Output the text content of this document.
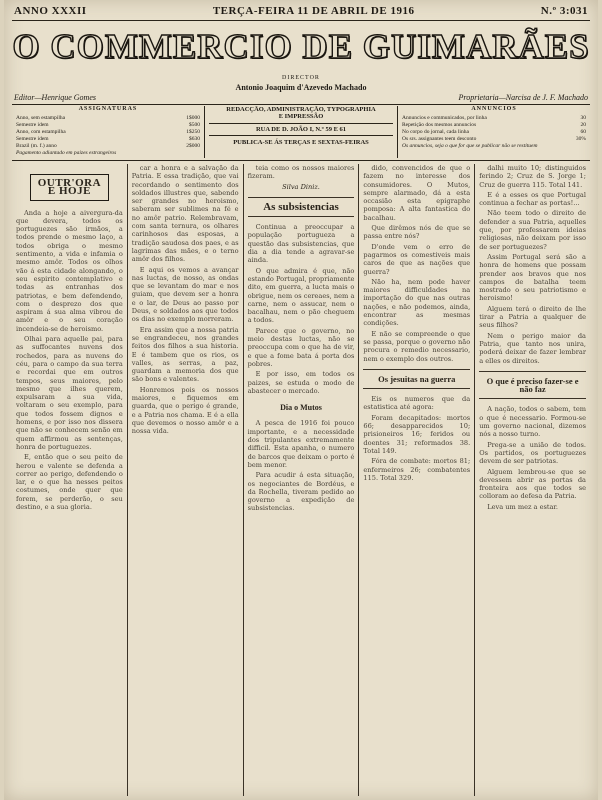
ANNO XXXII	TERÇA-FEIRA 11 DE ABRIL DE 1916	N.º 3:031
O COMMERCIO DE GUIMARÃES
DIRECTOR
Antonio Joaquim d'Azevedo Machado
Editor—Henrique Gomes	Proprietaria—Narcisa de J. F. Machado
ASSIGNATURAS
Anno, sem estampilha	1$000
Semestre idem	$500
Anno, com estampilha	1$250
Semestre idem	$630
Brazil (m. f.) anno	2$000
Pagamento adiantado em paizes estrangeiros
REDACÇÃO, ADMINISTRAÇÃO, TYPOGRAPHIA
E IMPRESSÃO
RUA DE D. JOÃO I, N.º 59 E 61
PUBLICA-SE ÁS TERÇAS E SEXTAS-FEIRAS
ANNUNCIOS
Annuncios e communicados, por linha	30
Repetição dos mesmos annuncios	20
No corpo do jornal, cada linha	60
Os srs. assignantes teem desconto	30%
Os annuncios, seja o que for que se publicar não se restituem
OUTR'ORA E HOJE

Anda a hoje a aivergura-da que devera, todos os portuguezes são irmãos, a todos prende o mesmo laço, a todos obriga o mesmo sentimento, a vida e infamia o mesmo amôr. Todos os olhos vão á esta cidade alongando, o seu espirito contemplativo e todas as entranhas dos patriotas, e bem defendendo, com o desprezo dos que aspiram á sua alma vibrou de amôr e o seu coração incendeia-se de heroismo.

Olhai para aquelle pai, para as suffocantes nuvens dos rochedos, para as nuvens do céu, para o campo da sua terra e recordai que em outros tempos, seus maiores, pelo mesmo que ilhes querem, expulsaram a sua vida, voltaram o seu exemplo, para que todos fossem dignos e homens, e por isso nos dissera que não se conhecem senão em quem affirmou as sentenças, honra de portuguezes.

E, então que o seu peito de herou e valente se defenda a correr ao perigo, defendendo o lar, e o que ha nesses peitos costumes, onde quer que forem, se perderão, o seu destino, e a sua gloria.

car a honra e a salvação da Patria. E essa tradição, que vai recordando o sentimento dos soldados illustres que, sabendo ser grandes no heroismo, saberam ser sublimes na fé e no amôr patrio. Relembravam, com santa ternura, os olhares carinhosos das esposas, a tradição saudosa dos paes, e as lagrimas das mães, e o terno amôr dos filhos.

E aqui os vemos a avançar nas luctas, de nosso, as ondas que se levantam do mar e nos guiam, que devem ser a honra e o lar, de Deus ao passo por Deus, e soldados aos que todos os dias no exemplo morreram.

Era assim que a nossa patria se engrandeceu, nos grandes feitos dos filhos a sua historia. E é tambem que os rios, os valles, as serras, a paz, guardam a memoria dos que são bons e valentes.

Honremos pois os nossos maiores, e fiquemos em guarda, que o perigo é grande, e a Patria nos chama. E é a ella que devemos o nosso amôr e a nossa vida.

teia como os nossos maiores fizeram.

Silva Diniz.
As subsistencias

Continua a preoccupar a população portugueza a questão das subsistencias, que dia a dia tende a agravar-se ainda.

O que admira é que, não estando Portugal, propriamente dito, em guerra, a lucta mais o obrigue, nem os cereaes, nem a carne, nem o assucar, nem o bacalhau, nem o pão cheguem a todos.

Parece que o governo, no meio destas luctas, não se preoccupa com o que ha de vir, e que a fome bata á porta dos pobres.

E por isso, em todos os paizes, se estuda o modo de abastecer o mercado.

Dia o Mutos

A pesca de 1916 foi pouco importante, e a necessidade dos tripulantes extremamente difficil. Esta apanha, o numero de barcos que deixam o porto é bem menor.

Para acudir á esta situação, os negociantes de Bordéus, e da Rochella, tiveram pedido ao governo a expedição de subsistencias.

dido, convencidos de que o fazem no interesse dos consumidores. O Mutos, sempre alarmado, dá a esta occasião esta epigraphe pomposa: A alta fantastica do bacalhau.

Que dirêmos nós de que se passa entre nós?

D'onde vem o erro de pagarmos os comestiveis mais caros de que as nações que guerra?

Não ha, nem pode haver maiores difficuldades na importação do que nas outras nações, e não podemos, ainda, encontrar as mesmas condições.

E não se compreende o que se passa, porque o governo não procura o remedio necessario, nem o exemplo dos outros.

Os jesuitas na guerra

Eis os numeros que da estatistica até agora:

Foram decapitados: mortos 66; desapparecidos 10; prisioneiros 16; feridos ou doentes 31; reformados 38. Total 149.

Fóra de combate: mortos 81; enfermeiros 26; combatentes 115. Total 329.

dalhi muito 10; distinguidos ferindo 2; Cruz de S. Jorge 1; Cruz de guerra 115. Total 141.

E é a esses os que Portugal continua a fechar as portas!...

Não teem todo o direito de defender a sua Patria, aquelles que, por professarem ideias religiosas, não deixam por isso de ser portuguezes?

Assim Portugal será são a honra de homens que possam prender aos bravos que nos campos de batalha teem mostrado o seu patriotismo e heroismo!

Alguem terá o direito de lhe tirar a Patria a qualquer de seus filhos?

Nem o perigo maior da Patria, que tanto nos unira, poderá deixar de fazer lembrar a elles os direitos.

O que é preciso fazer-se e não faz

A nação, todos o sabem, tem o que é necessario. Formou-se um governo nacional, dizemos nós a nosso turno.

Prega-se a união de todos. Os partidos, os portuguezes devem de ser patriotas.

Alguem lembrou-se que se devessem abrir as portas da fronteira aos que todos se colloram ao defesa da Patria.

Leva um mez a estar.
